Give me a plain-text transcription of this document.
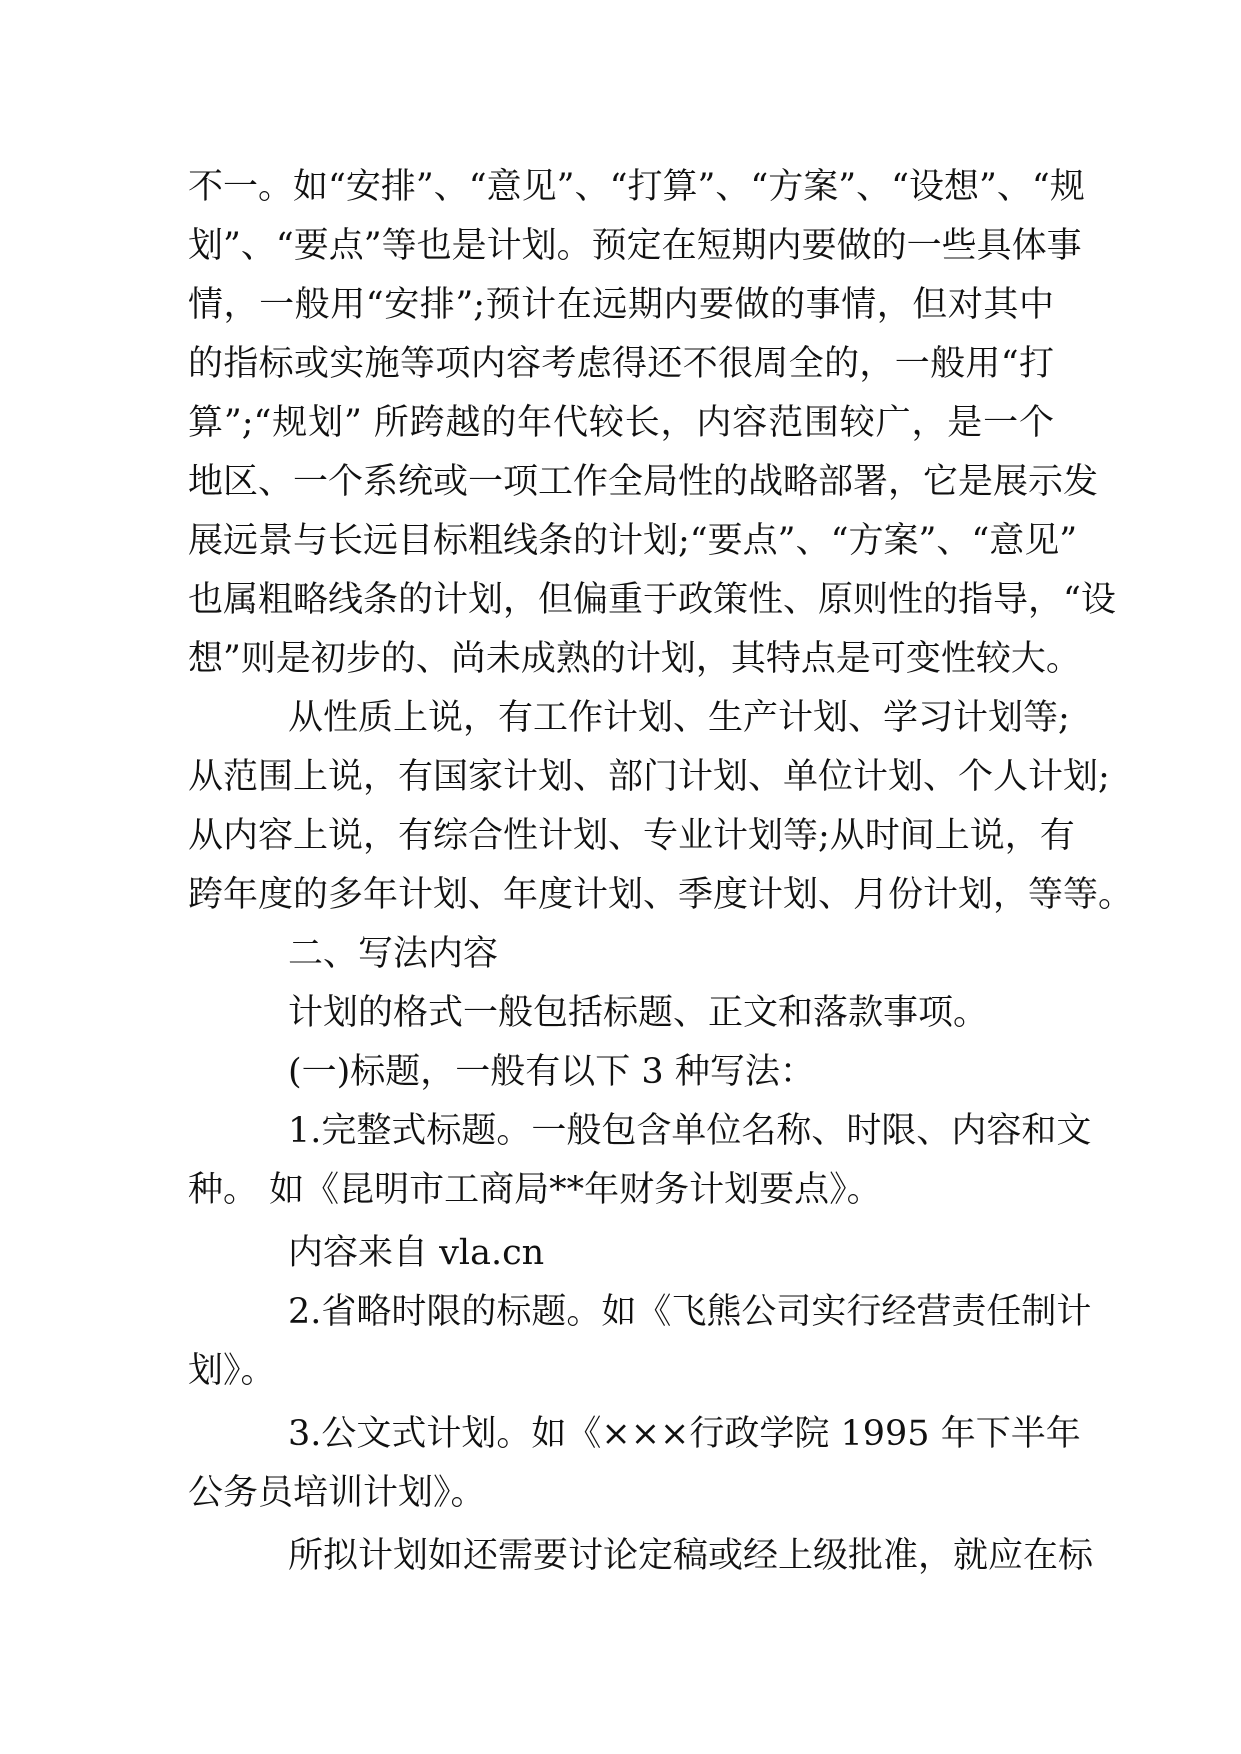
不一。如“安排”、“意见”、“打算”、“方案”、“设想”、“规

划”、“要点”等也是计划。预定在短期内要做的一些具体事

情，一般用“安排”;预计在远期内要做的事情，但对其中

的指标或实施等项内容考虑得还不很周全的，一般用“打

算”;“规划” 所跨越的年代较长，内容范围较广，是一个

地区、一个系统或一项工作全局性的战略部署，它是展示发

展远景与长远目标粗线条的计划;“要点”、“方案”、“意见”

也属粗略线条的计划，但偏重于政策性、原则性的指导，“设

想”则是初步的、尚未成熟的计划，其特点是可变性较大。

从性质上说，有工作计划、生产计划、学习计划等;

从范围上说，有国家计划、部门计划、单位计划、个人计划;

从内容上说，有综合性计划、专业计划等;从时间上说，有

跨年度的多年计划、年度计划、季度计划、月份计划，等等。

二、写法内容

计划的格式一般包括标题、正文和落款事项。

(一)标题，一般有以下 3 种写法：

1.完整式标题。一般包含单位名称、时限、内容和文

种。 如《昆明市工商局**年财务计划要点》。

内容来自 vla.cn

2.省略时限的标题。如《飞熊公司实行经营责任制计

划》。

3.公文式计划。如《×××行政学院 1995 年下半年

公务员培训计划》。

所拟计划如还需要讨论定稿或经上级批准，就应在标
